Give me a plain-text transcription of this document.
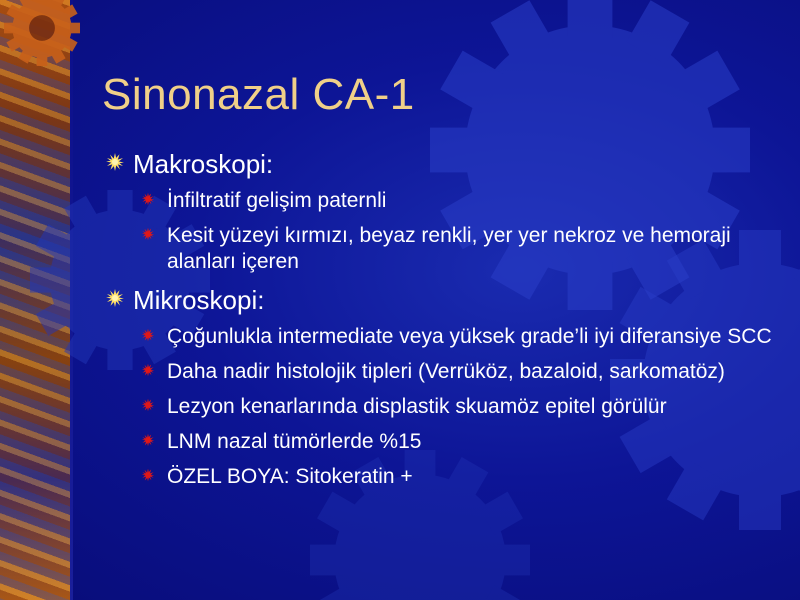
Sinonazal CA-1
Makroskopi:
İnfiltratif gelişim paternli
Kesit yüzeyi kırmızı, beyaz renkli, yer yer nekroz ve hemoraji alanları içeren
Mikroskopi:
Çoğunlukla intermediate veya yüksek grade’li iyi diferansiye SCC
Daha nadir histolojik tipleri (Verrüköz, bazaloid, sarkomatöz)
Lezyon kenarlarında displastik skuamöz epitel görülür
LNM nazal tümörlerde %15
ÖZEL BOYA: Sitokeratin +
